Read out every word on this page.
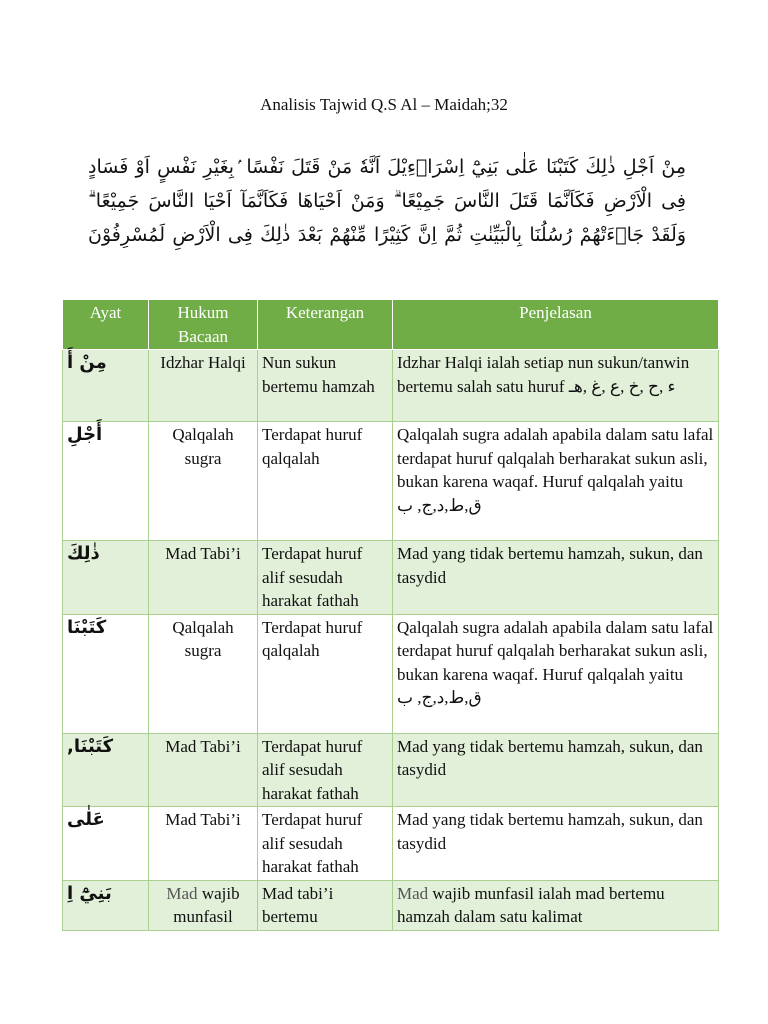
Analisis Tajwid Q.S Al – Maidah;32
مِنْ اَجْلِ ذٰلِكَ كَتَبْنَا عَلٰى بَنِيْٓ اِسْرَاۤءِيْلَ اَنَّهٗ مَنْ قَتَلَ نَفْسًا ۢبِغَيْرِ نَفْسٍ اَوْ فَسَادٍ
فِى الْاَرْضِ فَكَاَنَّمَا قَتَلَ النَّاسَ جَمِيْعًا ۗ وَمَنْ اَحْيَاهَا فَكَاَنَّمَآ اَحْيَا النَّاسَ جَمِيْعًا ۗ
وَلَقَدْ جَاۤءَتْهُمْ رُسُلُنَا بِالْبَيِّنٰتِ ثُمَّ اِنَّ كَثِيْرًا مِّنْهُمْ بَعْدَ ذٰلِكَ فِى الْاَرْضِ لَمُسْرِفُوْنَ
Ayat	Hukum Bacaan	Keterangan	Penjelasan
مِنْ أَ	Idzhar Halqi	Nun sukun bertemu hamzah	Idzhar Halqi ialah setiap nun sukun/tanwin bertemu salah satu huruf ء ,ح ,خ ,ع ,غ ,هـ
أَجْلِ	Qalqalah sugra	Terdapat huruf qalqalah	Qalqalah sugra adalah apabila dalam satu lafal terdapat huruf qalqalah berharakat sukun asli, bukan karena waqaf. Huruf qalqalah yaitu ق,ط,د,ج, ب
ذٰلِكَ	Mad Tabi’i	Terdapat huruf alif sesudah harakat fathah	Mad yang tidak bertemu hamzah, sukun, dan tasydid
كَتَبْنَا	Qalqalah sugra	Terdapat huruf qalqalah	Qalqalah sugra adalah apabila dalam satu lafal terdapat huruf qalqalah berharakat sukun asli, bukan karena waqaf. Huruf qalqalah yaitu ق,ط,د,ج, ب
كَتَبْنَا,	Mad Tabi’i	Terdapat huruf alif sesudah harakat fathah	Mad yang tidak bertemu hamzah, sukun, dan tasydid
عَلٰى	Mad Tabi’i	Terdapat huruf alif sesudah harakat fathah	Mad yang tidak bertemu hamzah, sukun, dan tasydid
بَنِيْٓ اِ	Mad wajib munfasil	Mad tabi’i bertemu	Mad wajib munfasil ialah mad bertemu hamzah dalam satu kalimat
